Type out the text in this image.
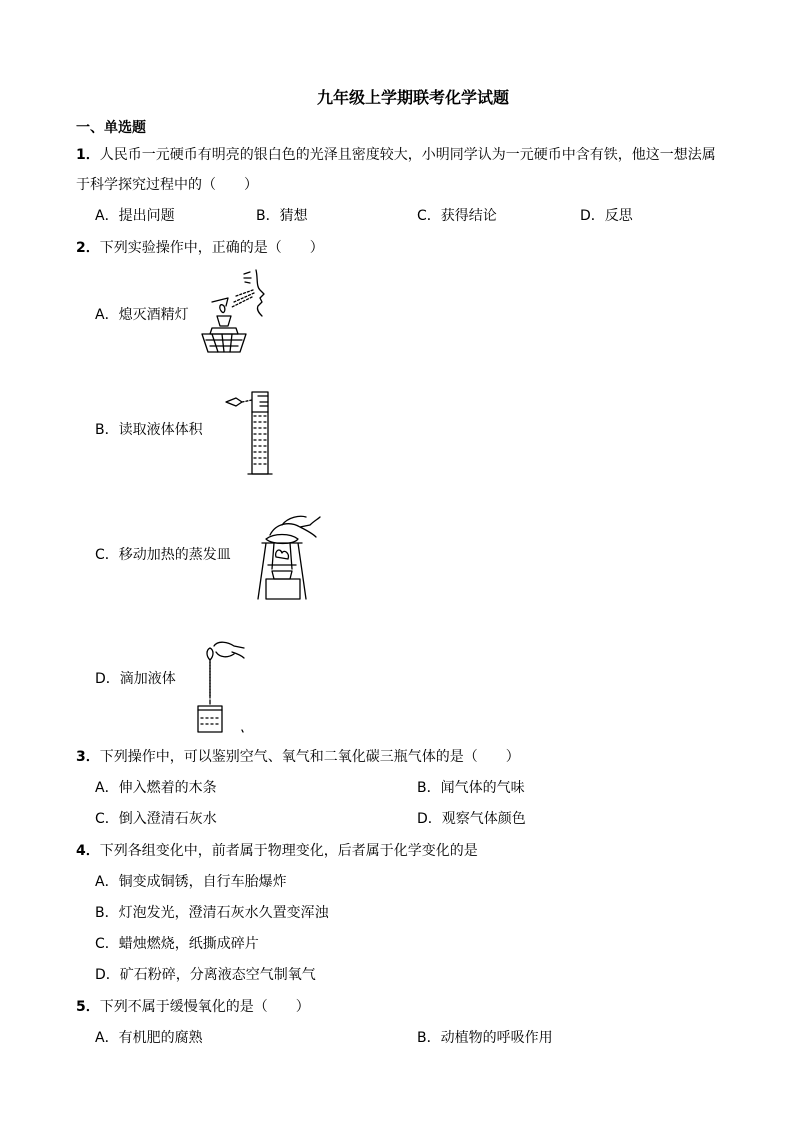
九年级上学期联考化学试题
一、单选题
1．人民币一元硬币有明亮的银白色的光泽且密度较大，小明同学认为一元硬币中含有铁，他这一想法属
于科学探究过程中的（　　）
A．提出问题	B．猜想	C．获得结论	D．反思
2．下列实验操作中，正确的是（　　）
A．熄灭酒精灯
B．读取液体体积
C．移动加热的蒸发皿
D．滴加液体
3．下列操作中，可以鉴别空气、氧气和二氧化碳三瓶气体的是（　　）
A．伸入燃着的木条	B．闻气体的气味
C．倒入澄清石灰水	D．观察气体颜色
4．下列各组变化中，前者属于物理变化，后者属于化学变化的是
A．铜变成铜锈，自行车胎爆炸
B．灯泡发光，澄清石灰水久置变浑浊
C．蜡烛燃烧，纸撕成碎片
D．矿石粉碎，分离液态空气制氧气
5．下列不属于缓慢氧化的是（　　）
A．有机肥的腐熟	B．动植物的呼吸作用
